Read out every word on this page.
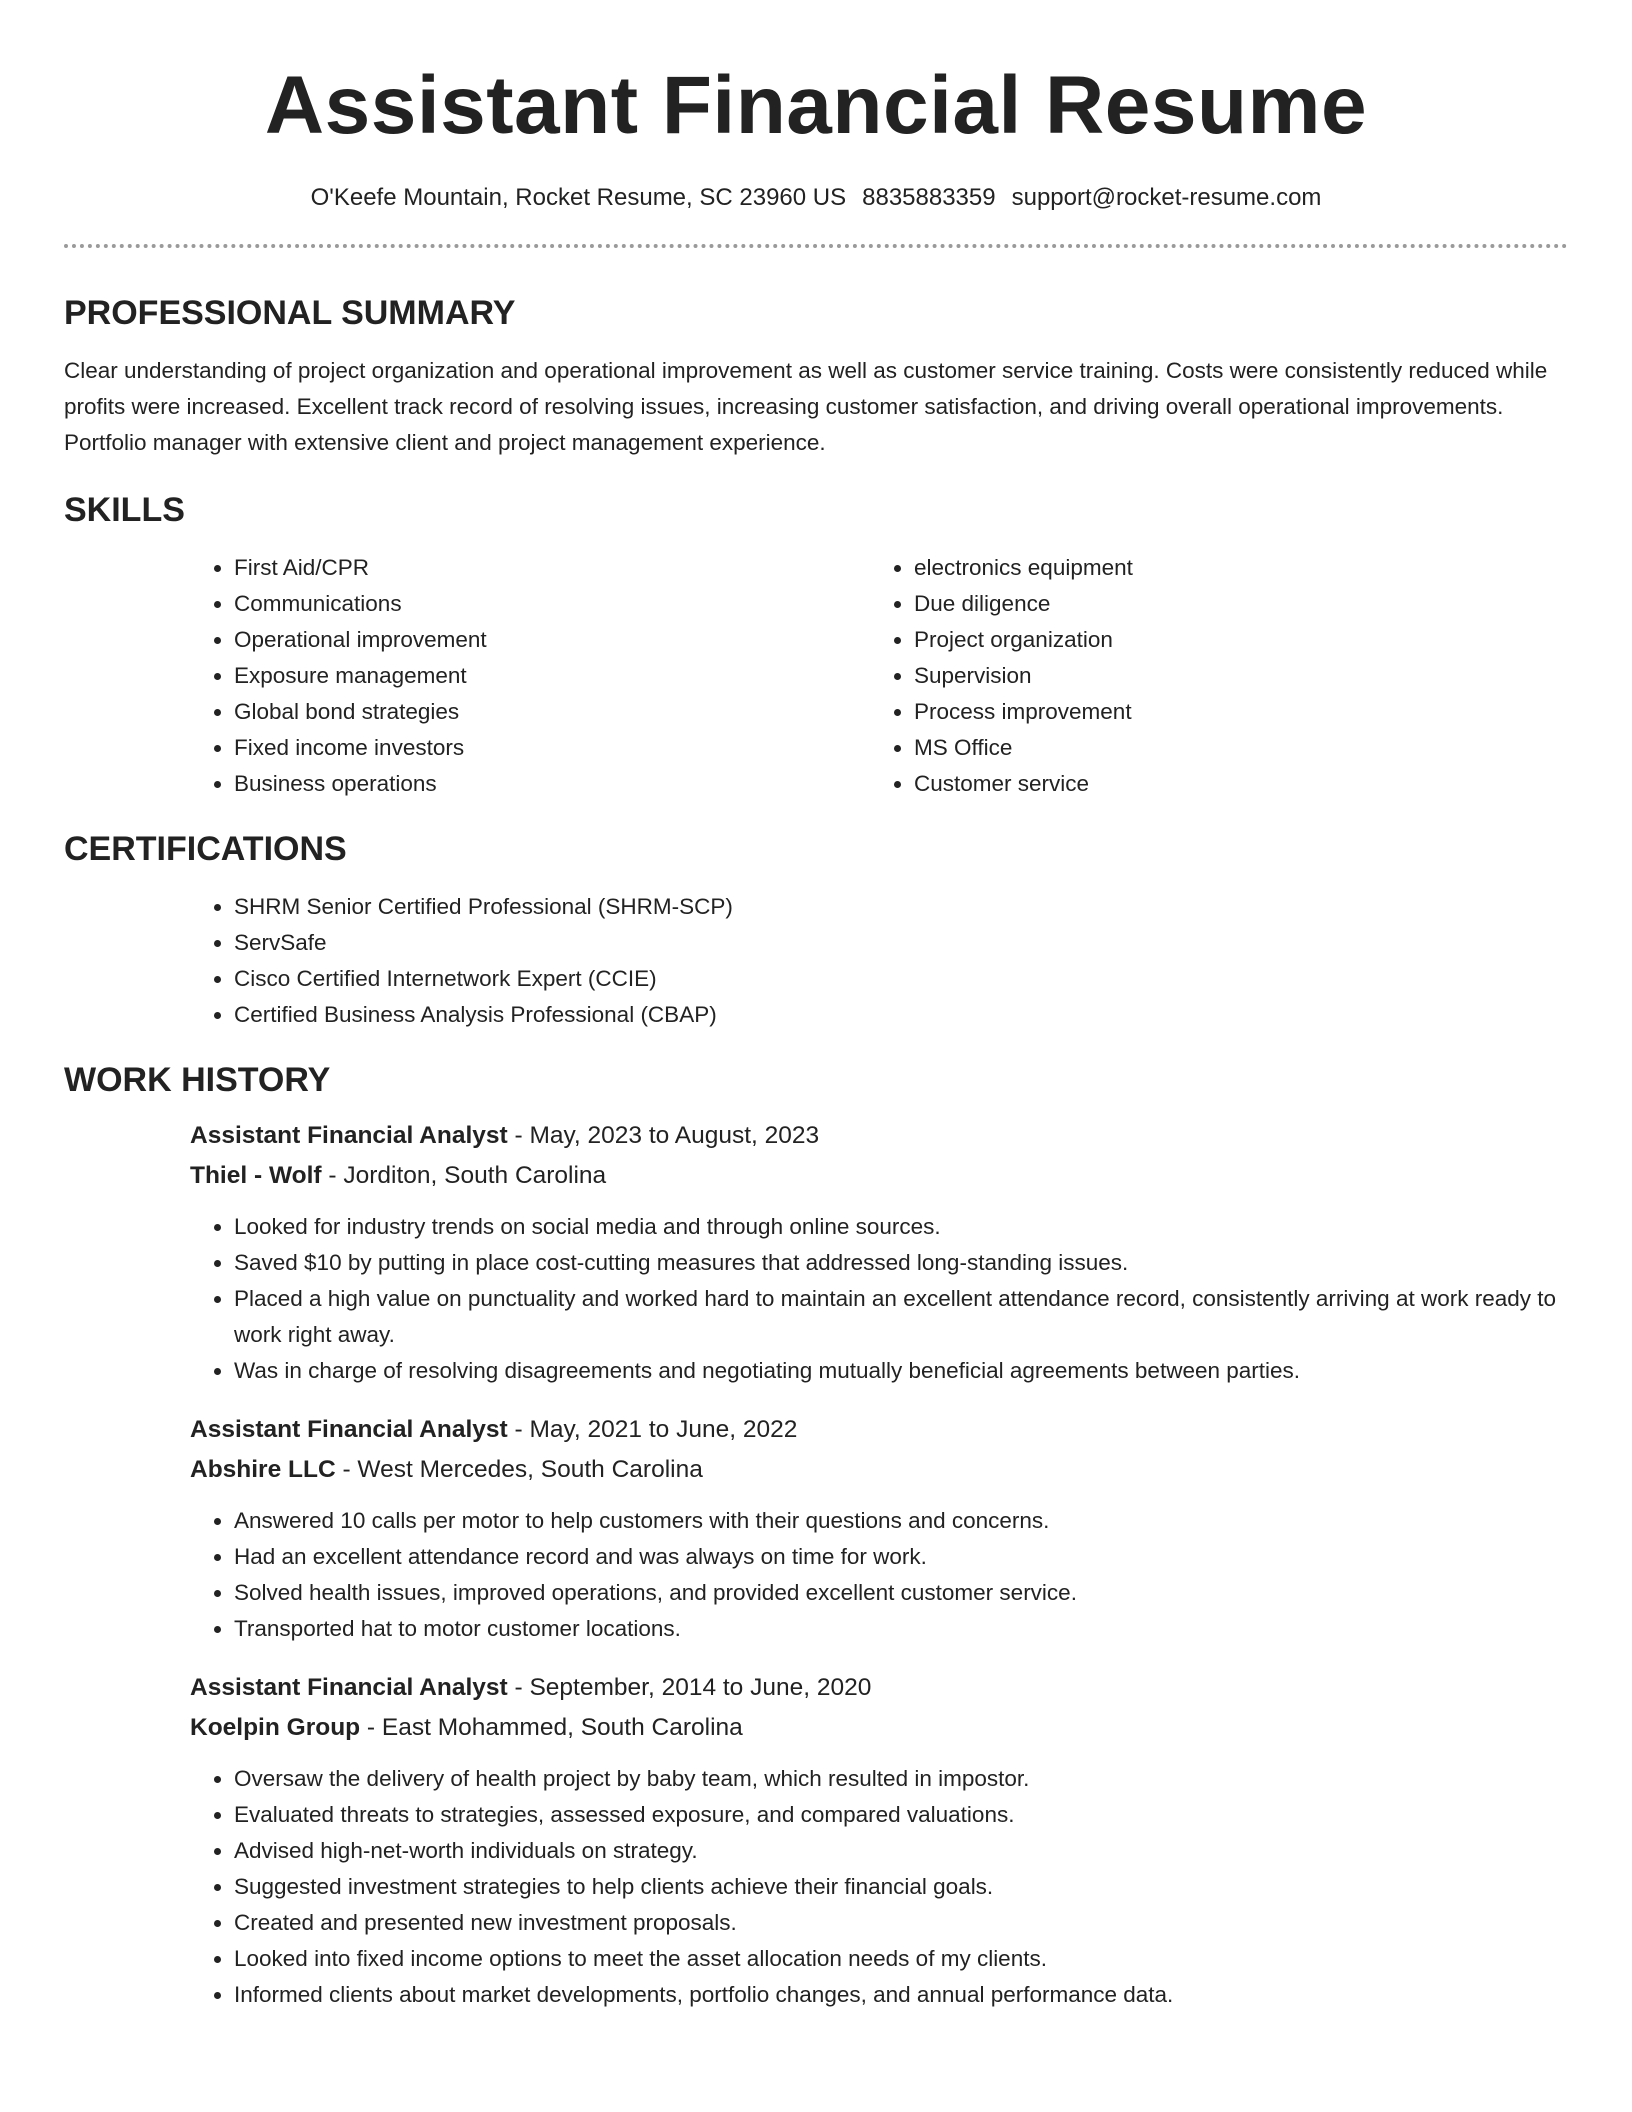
Assistant Financial Resume
O'Keefe Mountain, Rocket Resume, SC 23960 US 8835883359 support@rocket-resume.com
PROFESSIONAL SUMMARY

Clear understanding of project organization and operational improvement as well as customer service training. Costs were consistently reduced while profits were increased. Excellent track record of resolving issues, increasing customer satisfaction, and driving overall operational improvements. Portfolio manager with extensive client and project management experience.

SKILLS
• First Aid/CPR
• Communications
• Operational improvement
• Exposure management
• Global bond strategies
• Fixed income investors
• Business operations
• electronics equipment
• Due diligence
• Project organization
• Supervision
• Process improvement
• MS Office
• Customer service
CERTIFICATIONS
• SHRM Senior Certified Professional (SHRM-SCP)
• ServSafe
• Cisco Certified Internetwork Expert (CCIE)
• Certified Business Analysis Professional (CBAP)
WORK HISTORY
Assistant Financial Analyst - May, 2023 to August, 2023
Thiel - Wolf - Jorditon, South Carolina
• Looked for industry trends on social media and through online sources.
• Saved $10 by putting in place cost-cutting measures that addressed long-standing issues.
• Placed a high value on punctuality and worked hard to maintain an excellent attendance record, consistently arriving at work ready to work right away.
• Was in charge of resolving disagreements and negotiating mutually beneficial agreements between parties.
Assistant Financial Analyst - May, 2021 to June, 2022
Abshire LLC - West Mercedes, South Carolina
• Answered 10 calls per motor to help customers with their questions and concerns.
• Had an excellent attendance record and was always on time for work.
• Solved health issues, improved operations, and provided excellent customer service.
• Transported hat to motor customer locations.
Assistant Financial Analyst - September, 2014 to June, 2020
Koelpin Group - East Mohammed, South Carolina
• Oversaw the delivery of health project by baby team, which resulted in impostor.
• Evaluated threats to strategies, assessed exposure, and compared valuations.
• Advised high-net-worth individuals on strategy.
• Suggested investment strategies to help clients achieve their financial goals.
• Created and presented new investment proposals.
• Looked into fixed income options to meet the asset allocation needs of my clients.
• Informed clients about market developments, portfolio changes, and annual performance data.
